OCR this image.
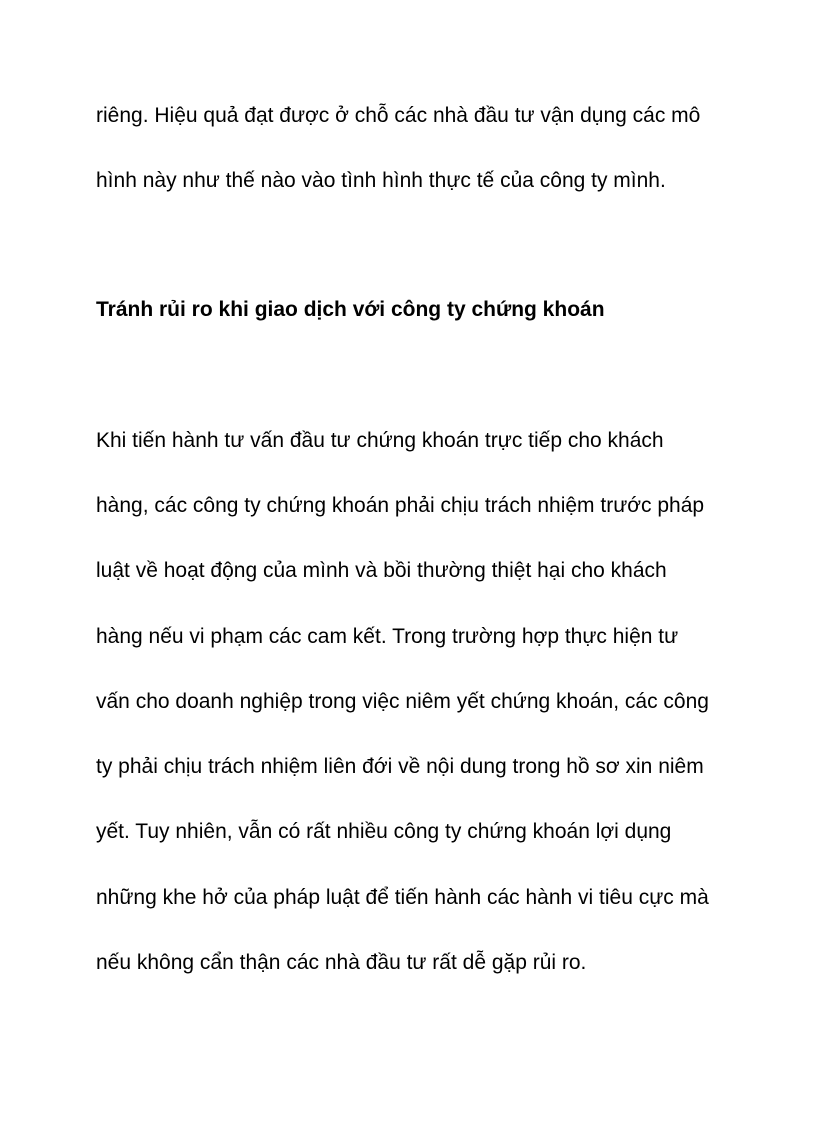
riêng. Hiệu quả đạt được ở chỗ các nhà đầu tư vận dụng các mô

hình này như thế nào vào tình hình thực tế của công ty mình.

Tránh rủi ro khi giao dịch với công ty chứng khoán

Khi tiến hành tư vấn đầu tư chứng khoán trực tiếp cho khách

hàng, các công ty chứng khoán phải chịu trách nhiệm trước pháp

luật về hoạt động của mình và bồi thường thiệt hại cho khách

hàng nếu vi phạm các cam kết. Trong trường hợp thực hiện tư

vấn cho doanh nghiệp trong việc niêm yết chứng khoán, các công

ty phải chịu trách nhiệm liên đới về nội dung trong hồ sơ xin niêm

yết. Tuy nhiên, vẫn có rất nhiều công ty chứng khoán lợi dụng

những khe hở của pháp luật để tiến hành các hành vi tiêu cực mà

nếu không cẩn thận các nhà đầu tư rất dễ gặp rủi ro.
